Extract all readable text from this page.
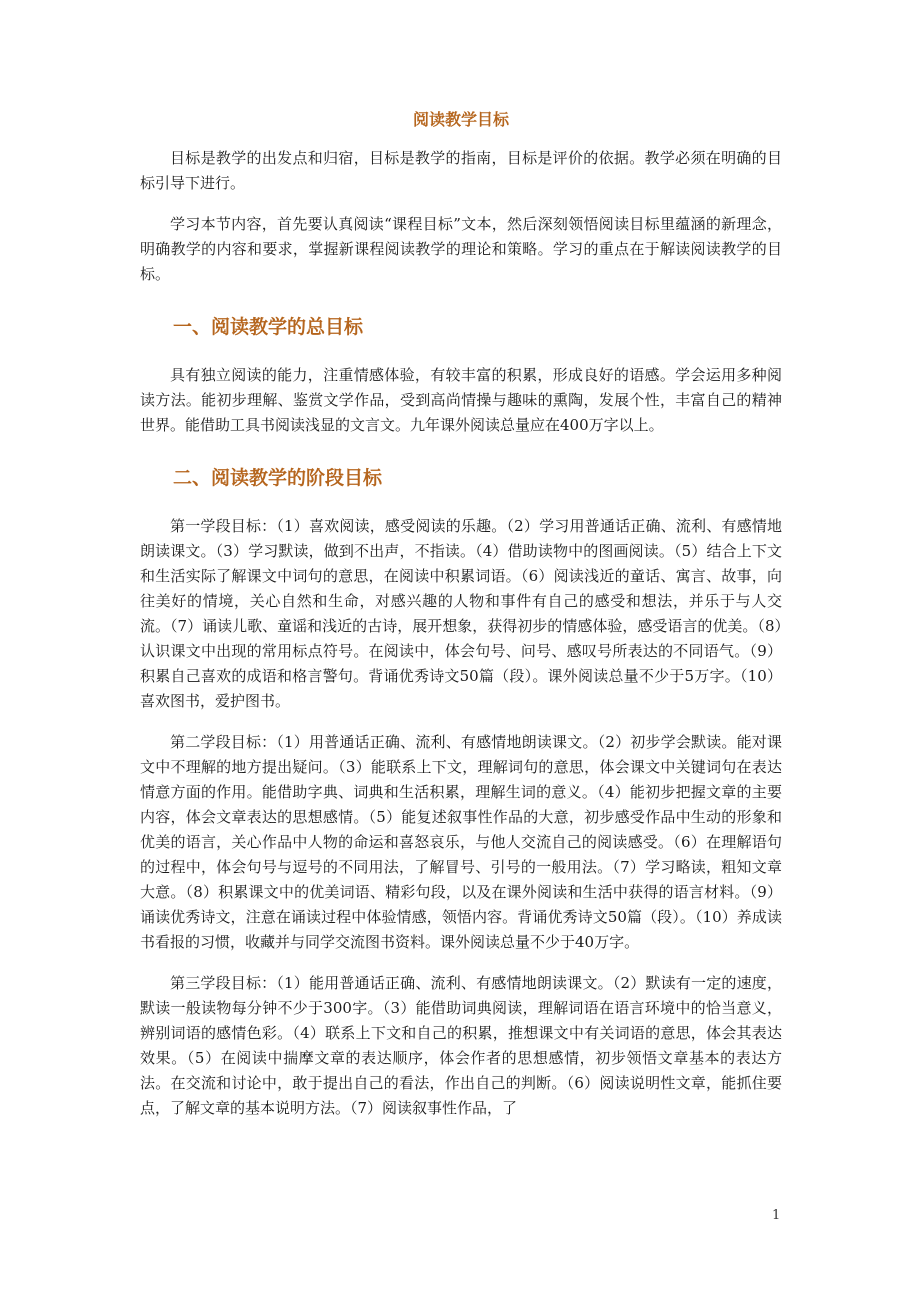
阅读教学目标

目标是教学的出发点和归宿，目标是教学的指南，目标是评价的依据。教学必须在明确的目标引导下进行。

学习本节内容，首先要认真阅读“课程目标”文本，然后深刻领悟阅读目标里蕴涵的新理念，明确教学的内容和要求，掌握新课程阅读教学的理论和策略。学习的重点在于解读阅读教学的目标。

一、阅读教学的总目标

具有独立阅读的能力，注重情感体验，有较丰富的积累，形成良好的语感。学会运用多种阅读方法。能初步理解、鉴赏文学作品，受到高尚情操与趣味的熏陶，发展个性，丰富自己的精神世界。能借助工具书阅读浅显的文言文。九年课外阅读总量应在400万字以上。

二、阅读教学的阶段目标

第一学段目标：（1）喜欢阅读，感受阅读的乐趣。（2）学习用普通话正确、流利、有感情地朗读课文。（3）学习默读，做到不出声，不指读。（4）借助读物中的图画阅读。（5）结合上下文和生活实际了解课文中词句的意思，在阅读中积累词语。（6）阅读浅近的童话、寓言、故事，向往美好的情境，关心自然和生命，对感兴趣的人物和事件有自己的感受和想法，并乐于与人交流。（7）诵读儿歌、童谣和浅近的古诗，展开想象，获得初步的情感体验，感受语言的优美。（8）认识课文中出现的常用标点符号。在阅读中，体会句号、问号、感叹号所表达的不同语气。（9）积累自己喜欢的成语和格言警句。背诵优秀诗文50篇（段）。课外阅读总量不少于5万字。（10）喜欢图书，爱护图书。

第二学段目标：（1）用普通话正确、流利、有感情地朗读课文。（2）初步学会默读。能对课文中不理解的地方提出疑问。（3）能联系上下文，理解词句的意思，体会课文中关键词句在表达情意方面的作用。能借助字典、词典和生活积累，理解生词的意义。（4）能初步把握文章的主要内容，体会文章表达的思想感情。（5）能复述叙事性作品的大意，初步感受作品中生动的形象和优美的语言，关心作品中人物的命运和喜怒哀乐，与他人交流自己的阅读感受。（6）在理解语句的过程中，体会句号与逗号的不同用法，了解冒号、引号的一般用法。（7）学习略读，粗知文章大意。（8）积累课文中的优美词语、精彩句段，以及在课外阅读和生活中获得的语言材料。（9）诵读优秀诗文，注意在诵读过程中体验情感，领悟内容。背诵优秀诗文50篇（段）。（10）养成读书看报的习惯，收藏并与同学交流图书资料。课外阅读总量不少于40万字。

第三学段目标：（1）能用普通话正确、流利、有感情地朗读课文。（2）默读有一定的速度，默读一般读物每分钟不少于300字。（3）能借助词典阅读，理解词语在语言环境中的恰当意义，辨别词语的感情色彩。（4）联系上下文和自己的积累，推想课文中有关词语的意思，体会其表达效果。（5）在阅读中揣摩文章的表达顺序，体会作者的思想感情，初步领悟文章基本的表达方法。在交流和讨论中，敢于提出自己的看法，作出自己的判断。（6）阅读说明性文章，能抓住要点，了解文章的基本说明方法。（7）阅读叙事性作品，了

1
